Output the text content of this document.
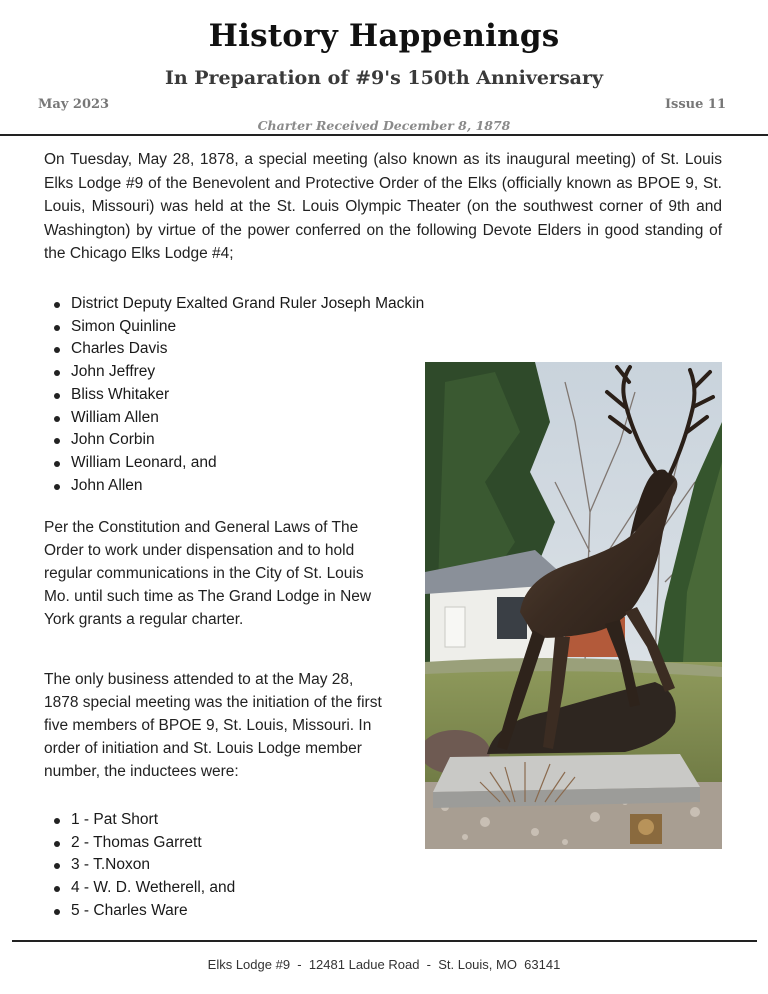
History Happenings
In Preparation of #9's 150th Anniversary
May 2023	Issue 11
Charter Received December 8, 1878

On Tuesday, May 28, 1878, a special meeting (also known as its inaugural meeting) of St. Louis Elks Lodge #9 of the Benevolent and Protective Order of the Elks (officially known as BPOE 9, St. Louis, Missouri) was held at the St. Louis Olympic Theater (on the southwest corner of 9th and Washington) by virtue of the power conferred on the following Devote Elders in good standing of the Chicago Elks Lodge #4;

District Deputy Exalted Grand Ruler Joseph Mackin
Simon Quinline
Charles Davis
John Jeffrey
Bliss Whitaker
William Allen
John Corbin
William Leonard, and
John Allen

Per the Constitution and General Laws of The Order to work under dispensation and to hold regular communications in the City of St. Louis Mo. until such time as The Grand Lodge in New York grants a regular charter.

The only business attended to at the May 28, 1878 special meeting was the initiation of the first five members of BPOE 9, St. Louis, Missouri. In order of initiation and St. Louis Lodge member number, the inductees were:

1 - Pat Short
2 - Thomas Garrett
3 - T.Noxon
4 - W. D. Wetherell, and
5 - Charles Ware
Elks Lodge #9  -  12481 Ladue Road  -  St. Louis, MO  63141
